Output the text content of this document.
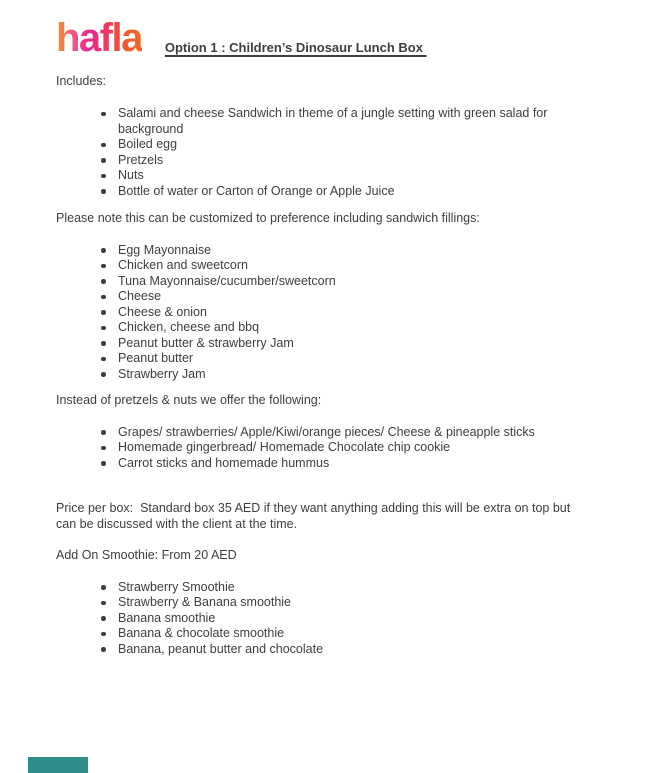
hafla Option 1 : Children’s Dinosaur Lunch Box

Includes:

Salami and cheese Sandwich in theme of a jungle setting with green salad for background
Boiled egg
Pretzels
Nuts
Bottle of water or Carton of Orange or Apple Juice

Please note this can be customized to preference including sandwich fillings:

Egg Mayonnaise
Chicken and sweetcorn
Tuna Mayonnaise/cucumber/sweetcorn
Cheese
Cheese & onion
Chicken, cheese and bbq
Peanut butter & strawberry Jam
Peanut butter
Strawberry Jam

Instead of pretzels & nuts we offer the following:

Grapes/ strawberries/ Apple/Kiwi/orange pieces/ Cheese & pineapple sticks
Homemade gingerbread/ Homemade Chocolate chip cookie
Carrot sticks and homemade hummus

Price per box:  Standard box 35 AED if they want anything adding this will be extra on top but can be discussed with the client at the time.

Add On Smoothie: From 20 AED

Strawberry Smoothie
Strawberry & Banana smoothie
Banana smoothie
Banana & chocolate smoothie
Banana, peanut butter and chocolate
